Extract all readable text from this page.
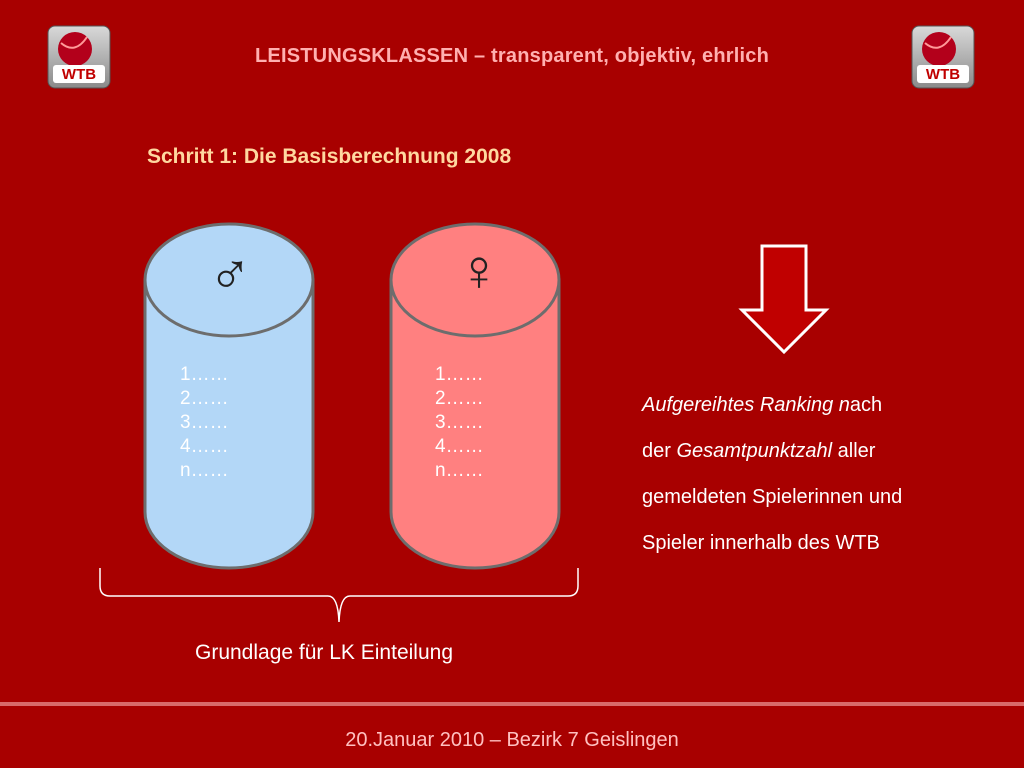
WTB	WTB
LEISTUNGSKLASSEN – transparent, objektiv, ehrlich
Schritt 1: Die Basisberechnung 2008
♂
1……
2……
3……
4……
n……
♀
1……
2……
3……
4……
n……
Aufgereihtes Ranking nach
der Gesamtpunktzahl aller
gemeldeten Spielerinnen und
Spieler innerhalb des WTB
Grundlage für LK Einteilung
20.Januar 2010 – Bezirk 7 Geislingen
